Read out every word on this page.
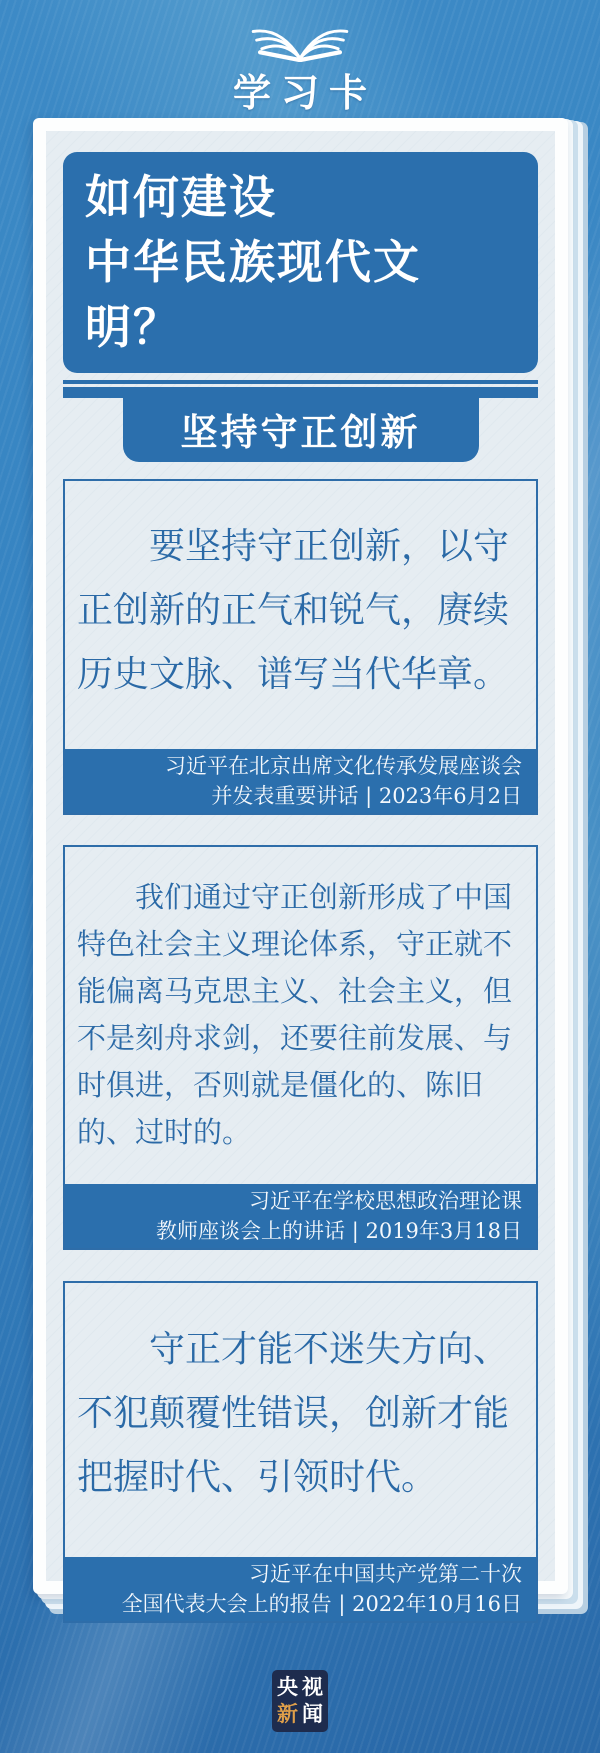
学习卡
如何建设
中华民族现代文明？
坚持守正创新
要坚持守正创新，以守正创新的正气和锐气，赓续历史文脉、谱写当代华章。
习近平在北京出席文化传承发展座谈会
并发表重要讲话 | 2023年6月2日
我们通过守正创新形成了中国特色社会主义理论体系，守正就不能偏离马克思主义、社会主义，但不是刻舟求剑，还要往前发展、与时俱进，否则就是僵化的、陈旧的、过时的。
习近平在学校思想政治理论课
教师座谈会上的讲话 | 2019年3月18日
守正才能不迷失方向、不犯颠覆性错误，创新才能把握时代、引领时代。
习近平在中国共产党第二十次
全国代表大会上的报告 | 2022年10月16日
央 视
新 闻
